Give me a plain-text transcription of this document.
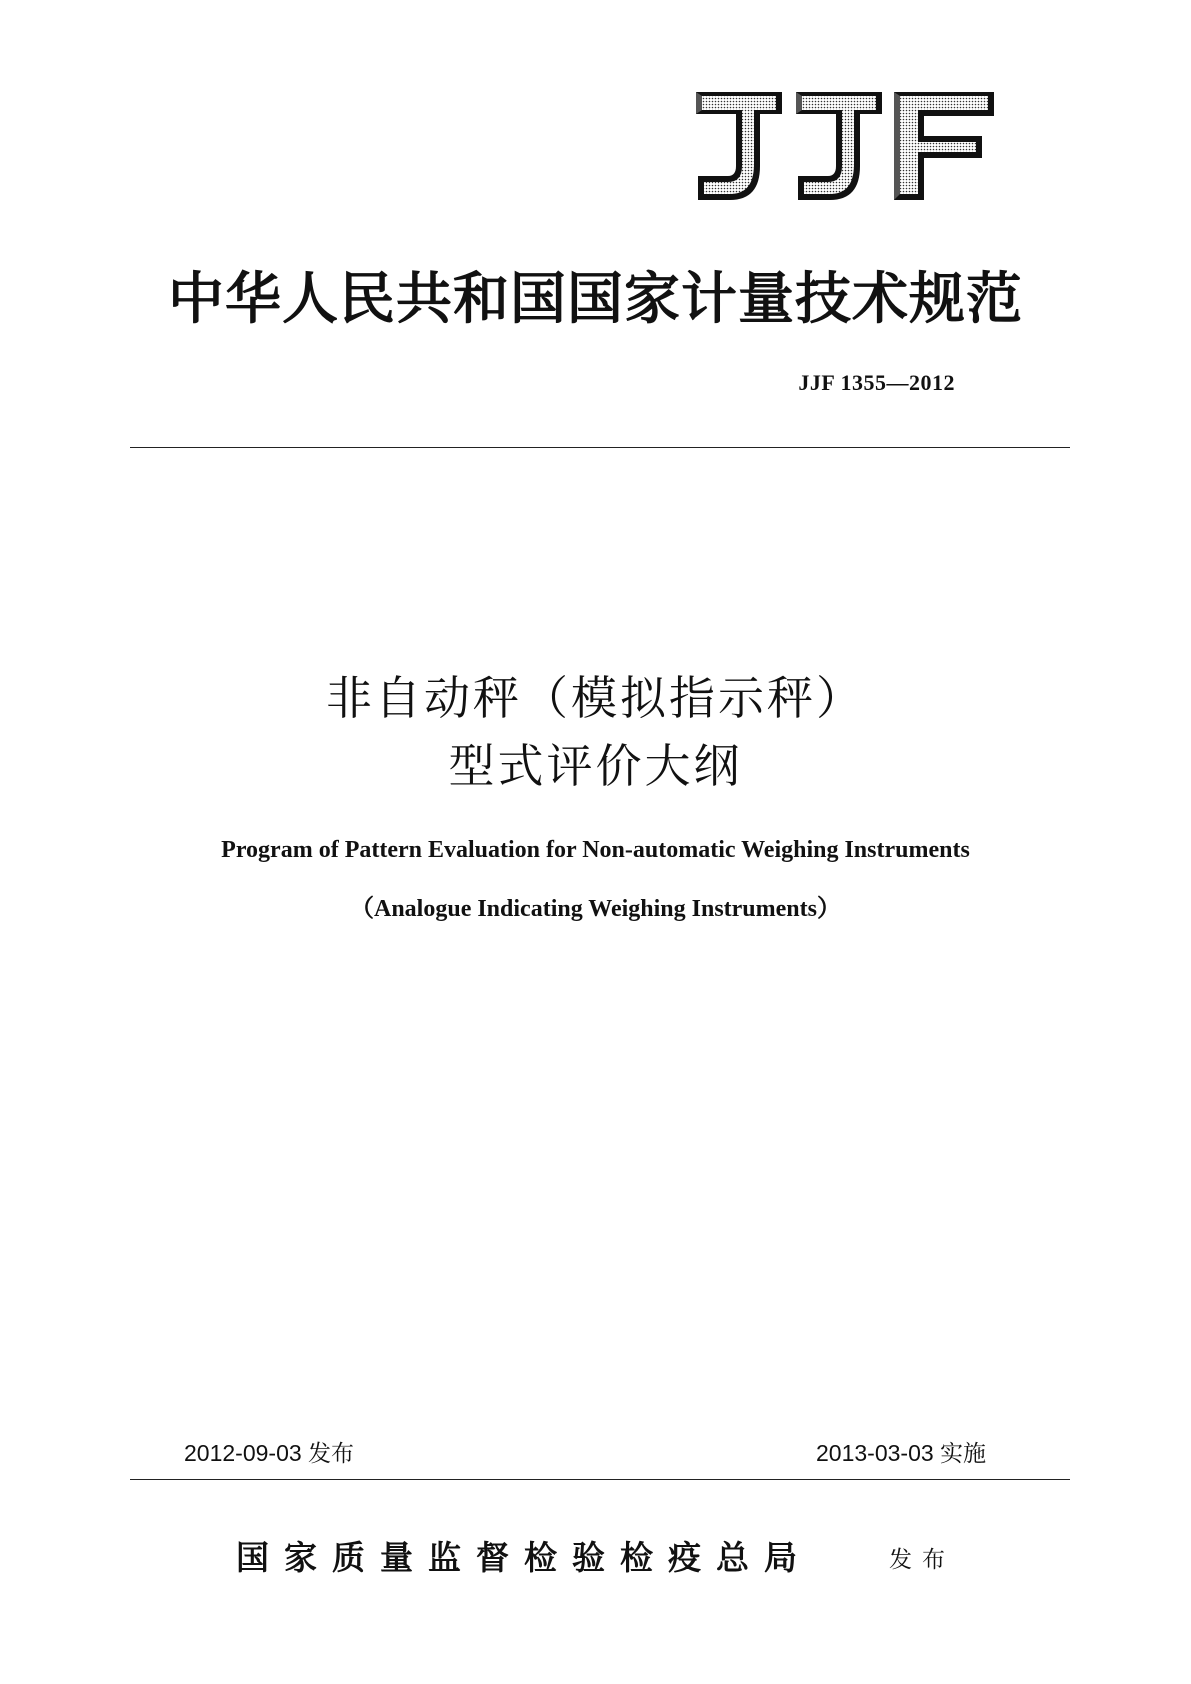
中华人民共和国国家计量技术规范
JJF 1355—2012
非自动秤（模拟指示秤）
型式评价大纲
Program of Pattern Evaluation for Non-automatic Weighing Instruments
（Analogue Indicating Weighing Instruments）
2012-09-03 发布	2013-03-03 实施
国家质量监督检验检疫总局	发布
